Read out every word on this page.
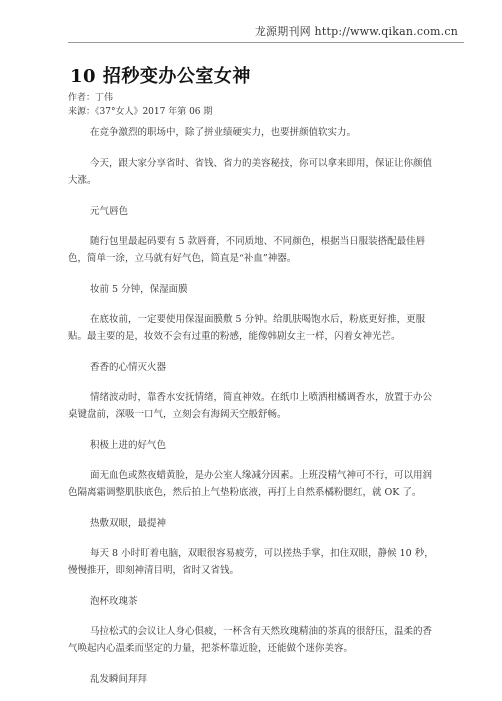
龙源期刊网 http://www.qikan.com.cn
10 招秒变办公室女神
作者：丁伟
来源：《37°女人》2017 年第 06 期

在竞争激烈的职场中，除了拼业绩硬实力，也要拼颜值软实力。

今天，跟大家分享省时、省钱、省力的美容秘技，你可以拿来即用，保证让你颜值大涨。

元气唇色

随行包里最起码要有 5 款唇膏，不同质地、不同颜色，根据当日服装搭配最佳唇色，简单一涂，立马就有好气色，简直是“补血”神器。

妆前 5 分钟，保湿面膜

在底妆前，一定要使用保湿面膜敷 5 分钟。给肌肤喝饱水后，粉底更好推，更服贴。最主要的是，妆效不会有过重的粉感，能像韩剧女主一样，闪着女神光芒。

香香的心情灭火器

情绪波动时，靠香水安抚情绪，简直神效。在纸巾上喷洒柑橘调香水，放置于办公桌键盘前，深吸一口气，立刻会有海阔天空般舒畅。

积极上进的好气色

面无血色或熬夜蜡黄脸，是办公室人缘减分因素。上班没精气神可不行，可以用润色隔离霜调整肌肤底色，然后拍上气垫粉底液，再打上自然系橘粉腮红，就 OK 了。

热敷双眼，最提神

每天 8 小时盯着电脑，双眼很容易疲劳，可以搓热手掌，扣住双眼，静候 10 秒，慢慢推开，即刻神清目明，省时又省钱。

泡杯玫瑰茶

马拉松式的会议让人身心俱疲，一杯含有天然玫瑰精油的茶真的很舒压，温柔的香气唤起内心温柔而坚定的力量，把茶杯靠近脸，还能做个迷你美容。

乱发瞬间拜拜
